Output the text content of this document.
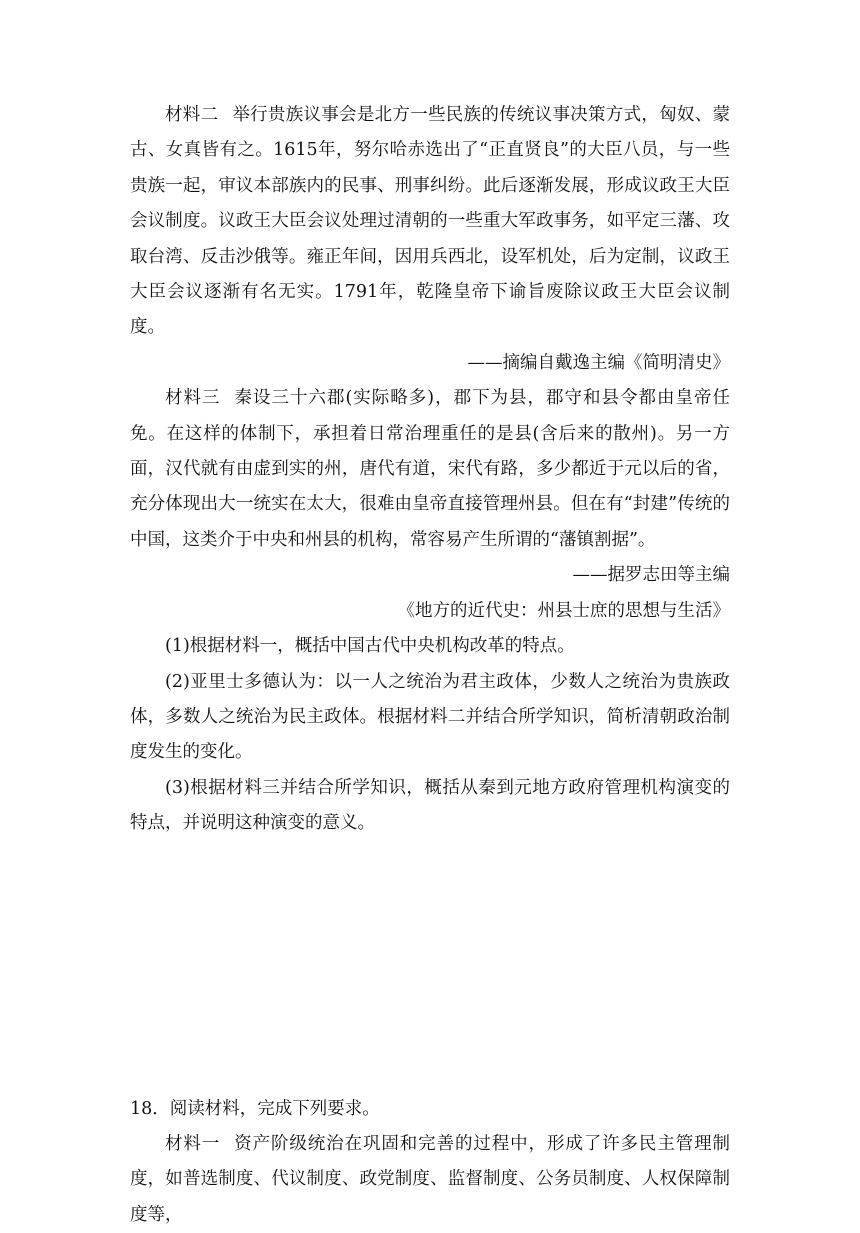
材料二 举行贵族议事会是北方一些民族的传统议事决策方式，匈奴、蒙古、女真皆有之。1615年，努尔哈赤选出了“正直贤良”的大臣八员，与一些贵族一起，审议本部族内的民事、刑事纠纷。此后逐渐发展，形成议政王大臣会议制度。议政王大臣会议处理过清朝的一些重大军政事务，如平定三藩、攻取台湾、反击沙俄等。雍正年间，因用兵西北，设军机处，后为定制，议政王大臣会议逐渐有名无实。1791年，乾隆皇帝下谕旨废除议政王大臣会议制度。

——摘编自戴逸主编《简明清史》

材料三 秦设三十六郡(实际略多)，郡下为县，郡守和县令都由皇帝任免。在这样的体制下，承担着日常治理重任的是县(含后来的散州)。另一方面，汉代就有由虚到实的州，唐代有道，宋代有路，多少都近于元以后的省，充分体现出大一统实在太大，很难由皇帝直接管理州县。但在有“封建”传统的中国，这类介于中央和州县的机构，常容易产生所谓的“藩镇割据”。

——据罗志田等主编

《地方的近代史：州县士庶的思想与生活》

(1)根据材料一，概括中国古代中央机构改革的特点。

(2)亚里士多德认为：以一人之统治为君主政体，少数人之统治为贵族政体，多数人之统治为民主政体。根据材料二并结合所学知识，简析清朝政治制度发生的变化。

(3)根据材料三并结合所学知识，概括从秦到元地方政府管理机构演变的特点，并说明这种演变的意义。

18．阅读材料，完成下列要求。

材料一 资产阶级统治在巩固和完善的过程中，形成了许多民主管理制度，如普选制度、代议制度、政党制度、监督制度、公务员制度、人权保障制度等，
